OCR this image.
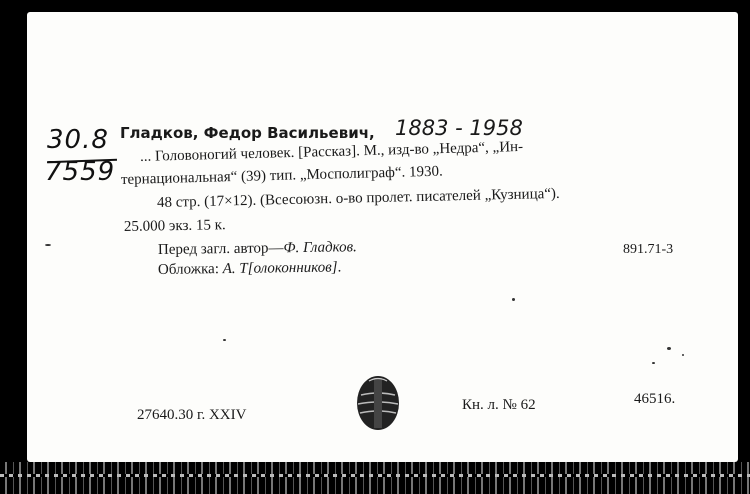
30.8
7559
Гладков, Федор Васильевич, 1883 - 1958
... Головоногий человек. [Рассказ]. М., изд-во „Недра“, „Ин-
тернациональная“ (39) тип. „Мосполиграф“. 1930.
48 стр. (17×12). (Всесоюзн. о-во пролет. писателей „Кузница“).
25.000 экз. 15 к.
Перед загл. автор—Ф. Гладков.
Обложка: А. Т[олоконников].
891.71-3
27640.30 г. XXIV
Кн. л. № 62	46516.
